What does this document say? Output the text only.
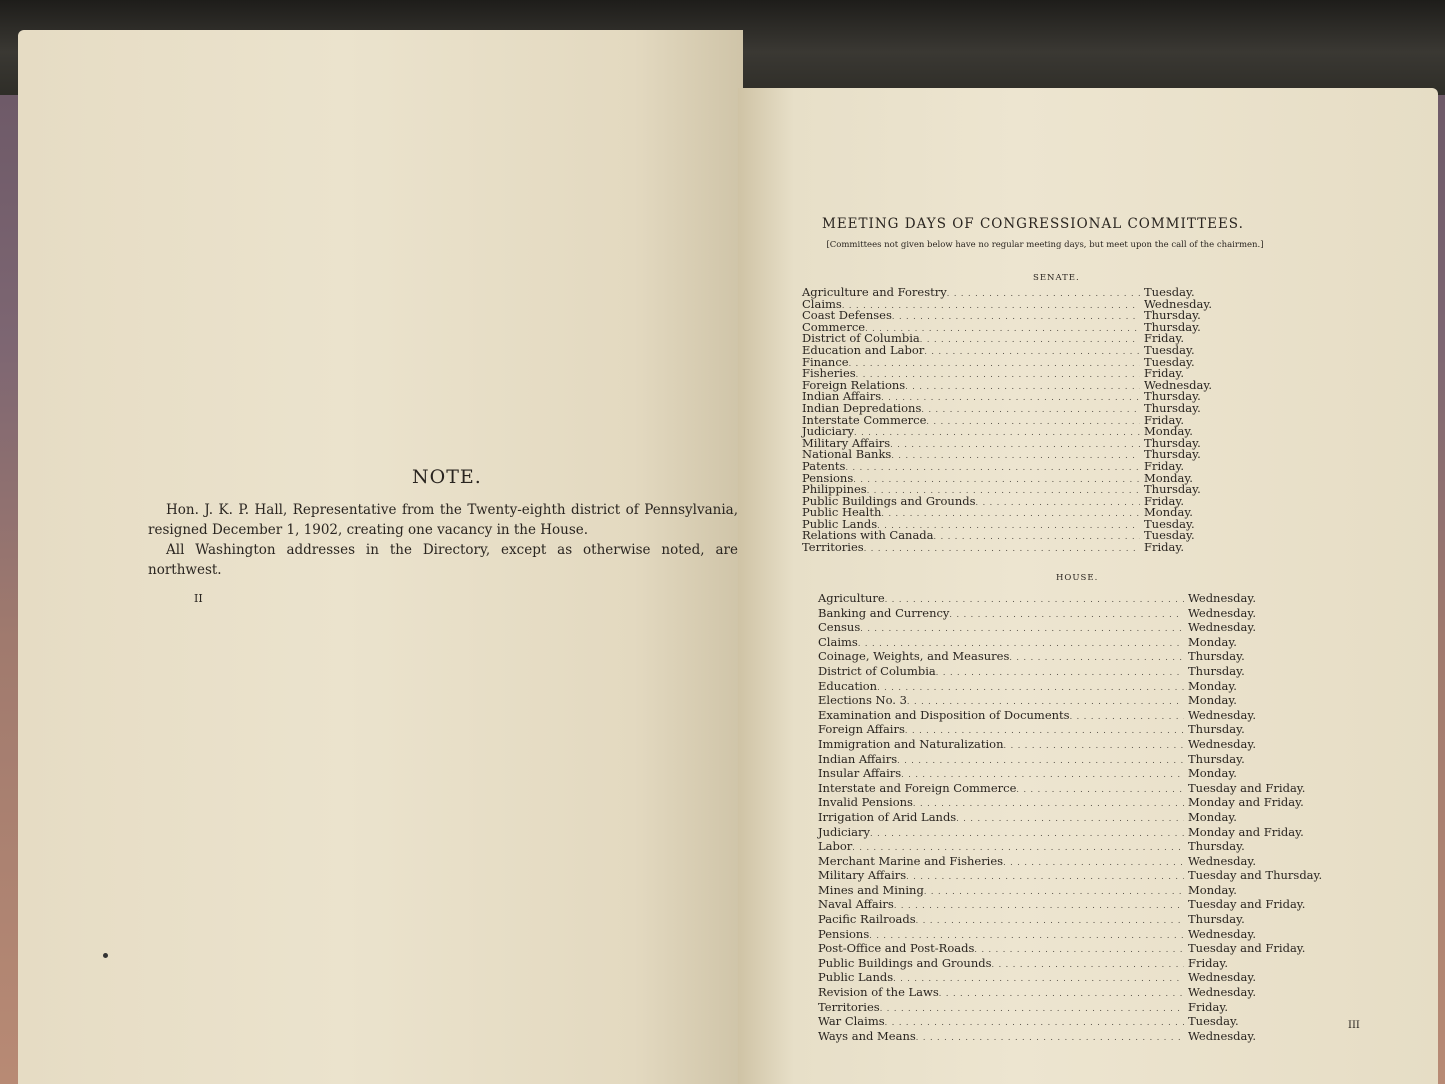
NOTE.

Hon. J. K. P. Hall, Representative from the Twenty-eighth district of Pennsylvania, resigned December 1, 1902, creating one vacancy in the House.

All Washington addresses in the Directory, except as otherwise noted, are northwest.

II
MEETING DAYS OF CONGRESSIONAL COMMITTEES.
[Committees not given below have no regular meeting days, but meet upon the call of the chairmen.]
SENATE.
Agriculture and Forestry . . .	Tuesday.
Claims . . .	Wednesday.
Coast Defenses . . .	Thursday.
Commerce . . .	Thursday.
District of Columbia . . .	Friday.
Education and Labor . . .	Tuesday.
Finance . . .	Tuesday.
Fisheries . . .	Friday.
Foreign Relations . . .	Wednesday.
Indian Affairs . . .	Thursday.
Indian Depredations . . .	Thursday.
Interstate Commerce . . .	Friday.
Judiciary . . .	Monday.
Military Affairs . . .	Thursday.
National Banks . . .	Thursday.
Patents . . .	Friday.
Pensions . . .	Monday.
Philippines . . .	Thursday.
Public Buildings and Grounds . . .	Friday.
Public Health . . .	Monday.
Public Lands . . .	Tuesday.
Relations with Canada . . .	Tuesday.
Territories . . .	Friday.
HOUSE.
Agriculture . . .	Wednesday.
Banking and Currency . . .	Wednesday.
Census . . .	Wednesday.
Claims . . .	Monday.
Coinage, Weights, and Measures . . .	Thursday.
District of Columbia . . .	Thursday.
Education . . .	Monday.
Elections No. 3 . . .	Monday.
Examination and Disposition of Documents . . .	Wednesday.
Foreign Affairs . . .	Thursday.
Immigration and Naturalization . . .	Wednesday.
Indian Affairs . . .	Thursday.
Insular Affairs . . .	Monday.
Interstate and Foreign Commerce . . .	Tuesday and Friday.
Invalid Pensions . . .	Monday and Friday.
Irrigation of Arid Lands . . .	Monday.
Judiciary . . .	Monday and Friday.
Labor . . .	Thursday.
Merchant Marine and Fisheries . . .	Wednesday.
Military Affairs . . .	Tuesday and Thursday.
Mines and Mining . . .	Monday.
Naval Affairs . . .	Tuesday and Friday.
Pacific Railroads . . .	Thursday.
Pensions . . .	Wednesday.
Post-Office and Post-Roads . . .	Tuesday and Friday.
Public Buildings and Grounds . . .	Friday.
Public Lands . . .	Wednesday.
Revision of the Laws . . .	Wednesday.
Territories . . .	Friday.
War Claims . . .	Tuesday.
Ways and Means . . .	Wednesday.
III
